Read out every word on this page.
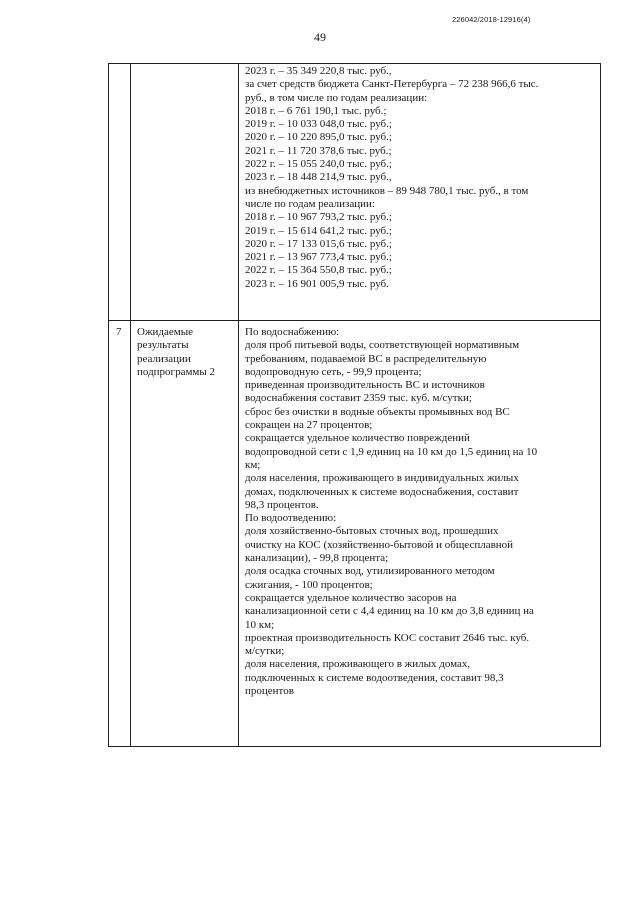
49
226042/2018-12916(4)
2023 г. – 35 349 220,8 тыс. руб.,
за счет средств бюджета Санкт-Петербурга – 72 238 966,6 тыс.
руб., в том числе по годам реализации:
2018 г. – 6 761 190,1 тыс. руб.;
2019 г. – 10 033 048,0 тыс. руб.;
2020 г. – 10 220 895,0 тыс. руб.;
2021 г. – 11 720 378,6 тыс. руб.;
2022 г. – 15 055 240,0 тыс. руб.;
2023 г. – 18 448 214,9 тыс. руб.,
из внебюджетных источников – 89 948 780,1 тыс. руб., в том
числе по годам реализации:
2018 г. – 10 967 793,2 тыс. руб.;
2019 г. – 15 614 641,2 тыс. руб.;
2020 г. – 17 133 015,6 тыс. руб.;
2021 г. – 13 967 773,4 тыс. руб.;
2022 г. – 15 364 550,8 тыс. руб.;
2023 г. – 16 901 005,9 тыс. руб.
7 Ожидаемые
результаты
реализации
подпрограммы 2
По водоснабжению:
доля проб питьевой воды, соответствующей нормативным
требованиям, подаваемой ВС в распределительную
водопроводную сеть, - 99,9 процента;
приведенная производительность ВС и источников
водоснабжения составит 2359 тыс. куб. м/сутки;
сброс без очистки в водные объекты промывных вод ВС
сокращен на 27 процентов;
сокращается удельное количество повреждений
водопроводной сети с 1,9 единиц на 10 км до 1,5 единиц на 10
км;
доля населения, проживающего в индивидуальных жилых
домах, подключенных к системе водоснабжения, составит
98,3 процентов.
По водоотведению:
доля хозяйственно-бытовых сточных вод, прошедших
очистку на КОС (хозяйственно-бытовой и общесплавной
канализации), - 99,8 процента;
доля осадка сточных вод, утилизированного методом
сжигания, - 100 процентов;
сокращается удельное количество засоров на
канализационной сети с 4,4 единиц на 10 км до 3,8 единиц на
10 км;
проектная производительность КОС составит 2646 тыс. куб.
м/сутки;
доля населения, проживающего в жилых домах,
подключенных к системе водоотведения, составит 98,3
процентов
